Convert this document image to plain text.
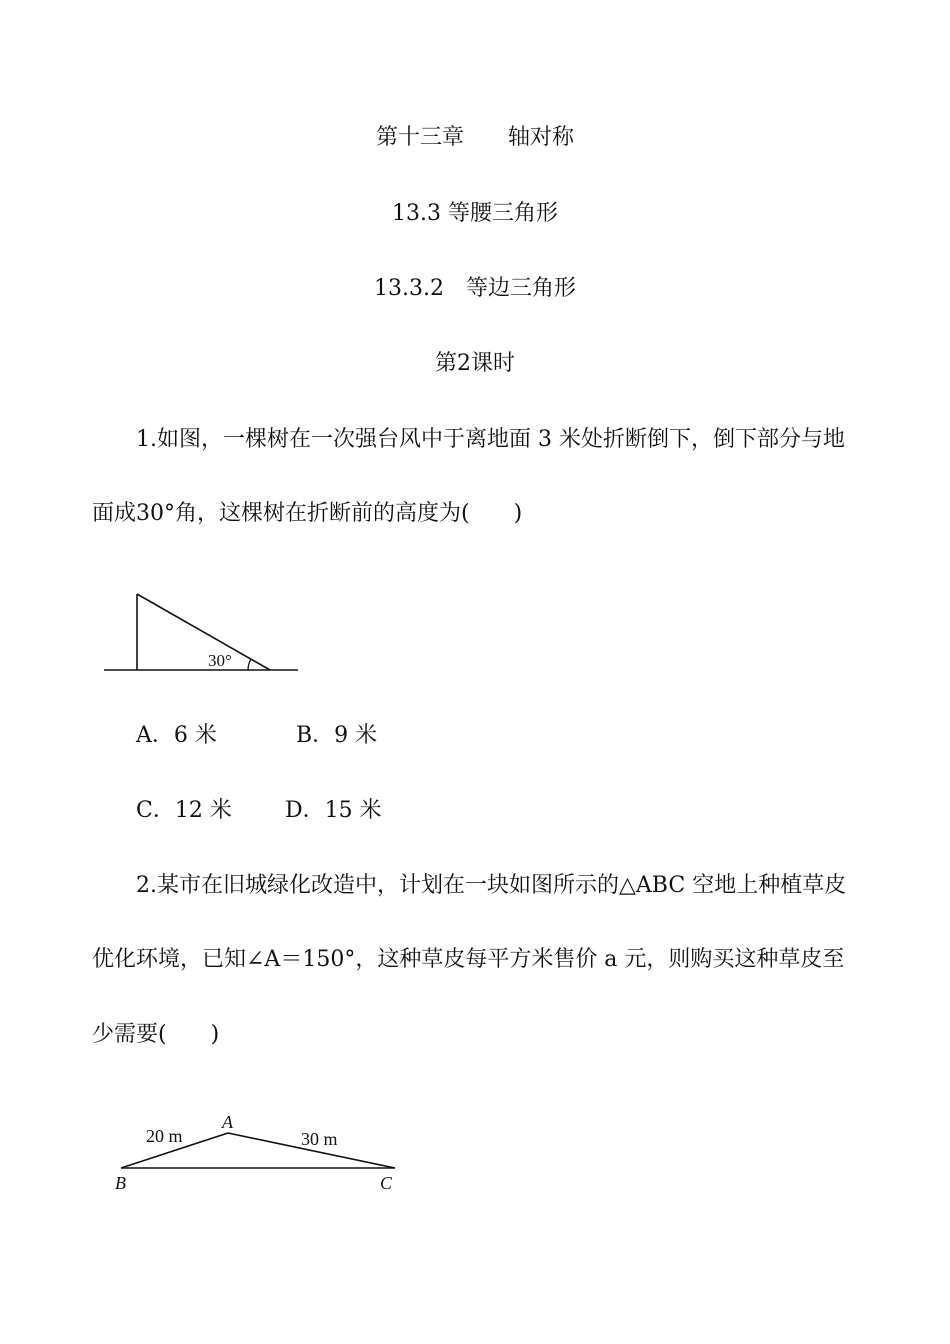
第十三章　　轴对称
13.3 等腰三角形
13.3.2　等边三角形
第2课时
1.如图，一棵树在一次强台风中于离地面 3 米处折断倒下，倒下部分与地
面成30°角，这棵树在折断前的高度为(　　)
30°
A．6 米	B．9 米
C．12 米 D．15 米
2.某市在旧城绿化改造中，计划在一块如图所示的△ABC 空地上种植草皮
优化环境，已知∠A＝150°，这种草皮每平方米售价 a 元，则购买这种草皮至
少需要(　　)
A
B	C
20 m	30 m
